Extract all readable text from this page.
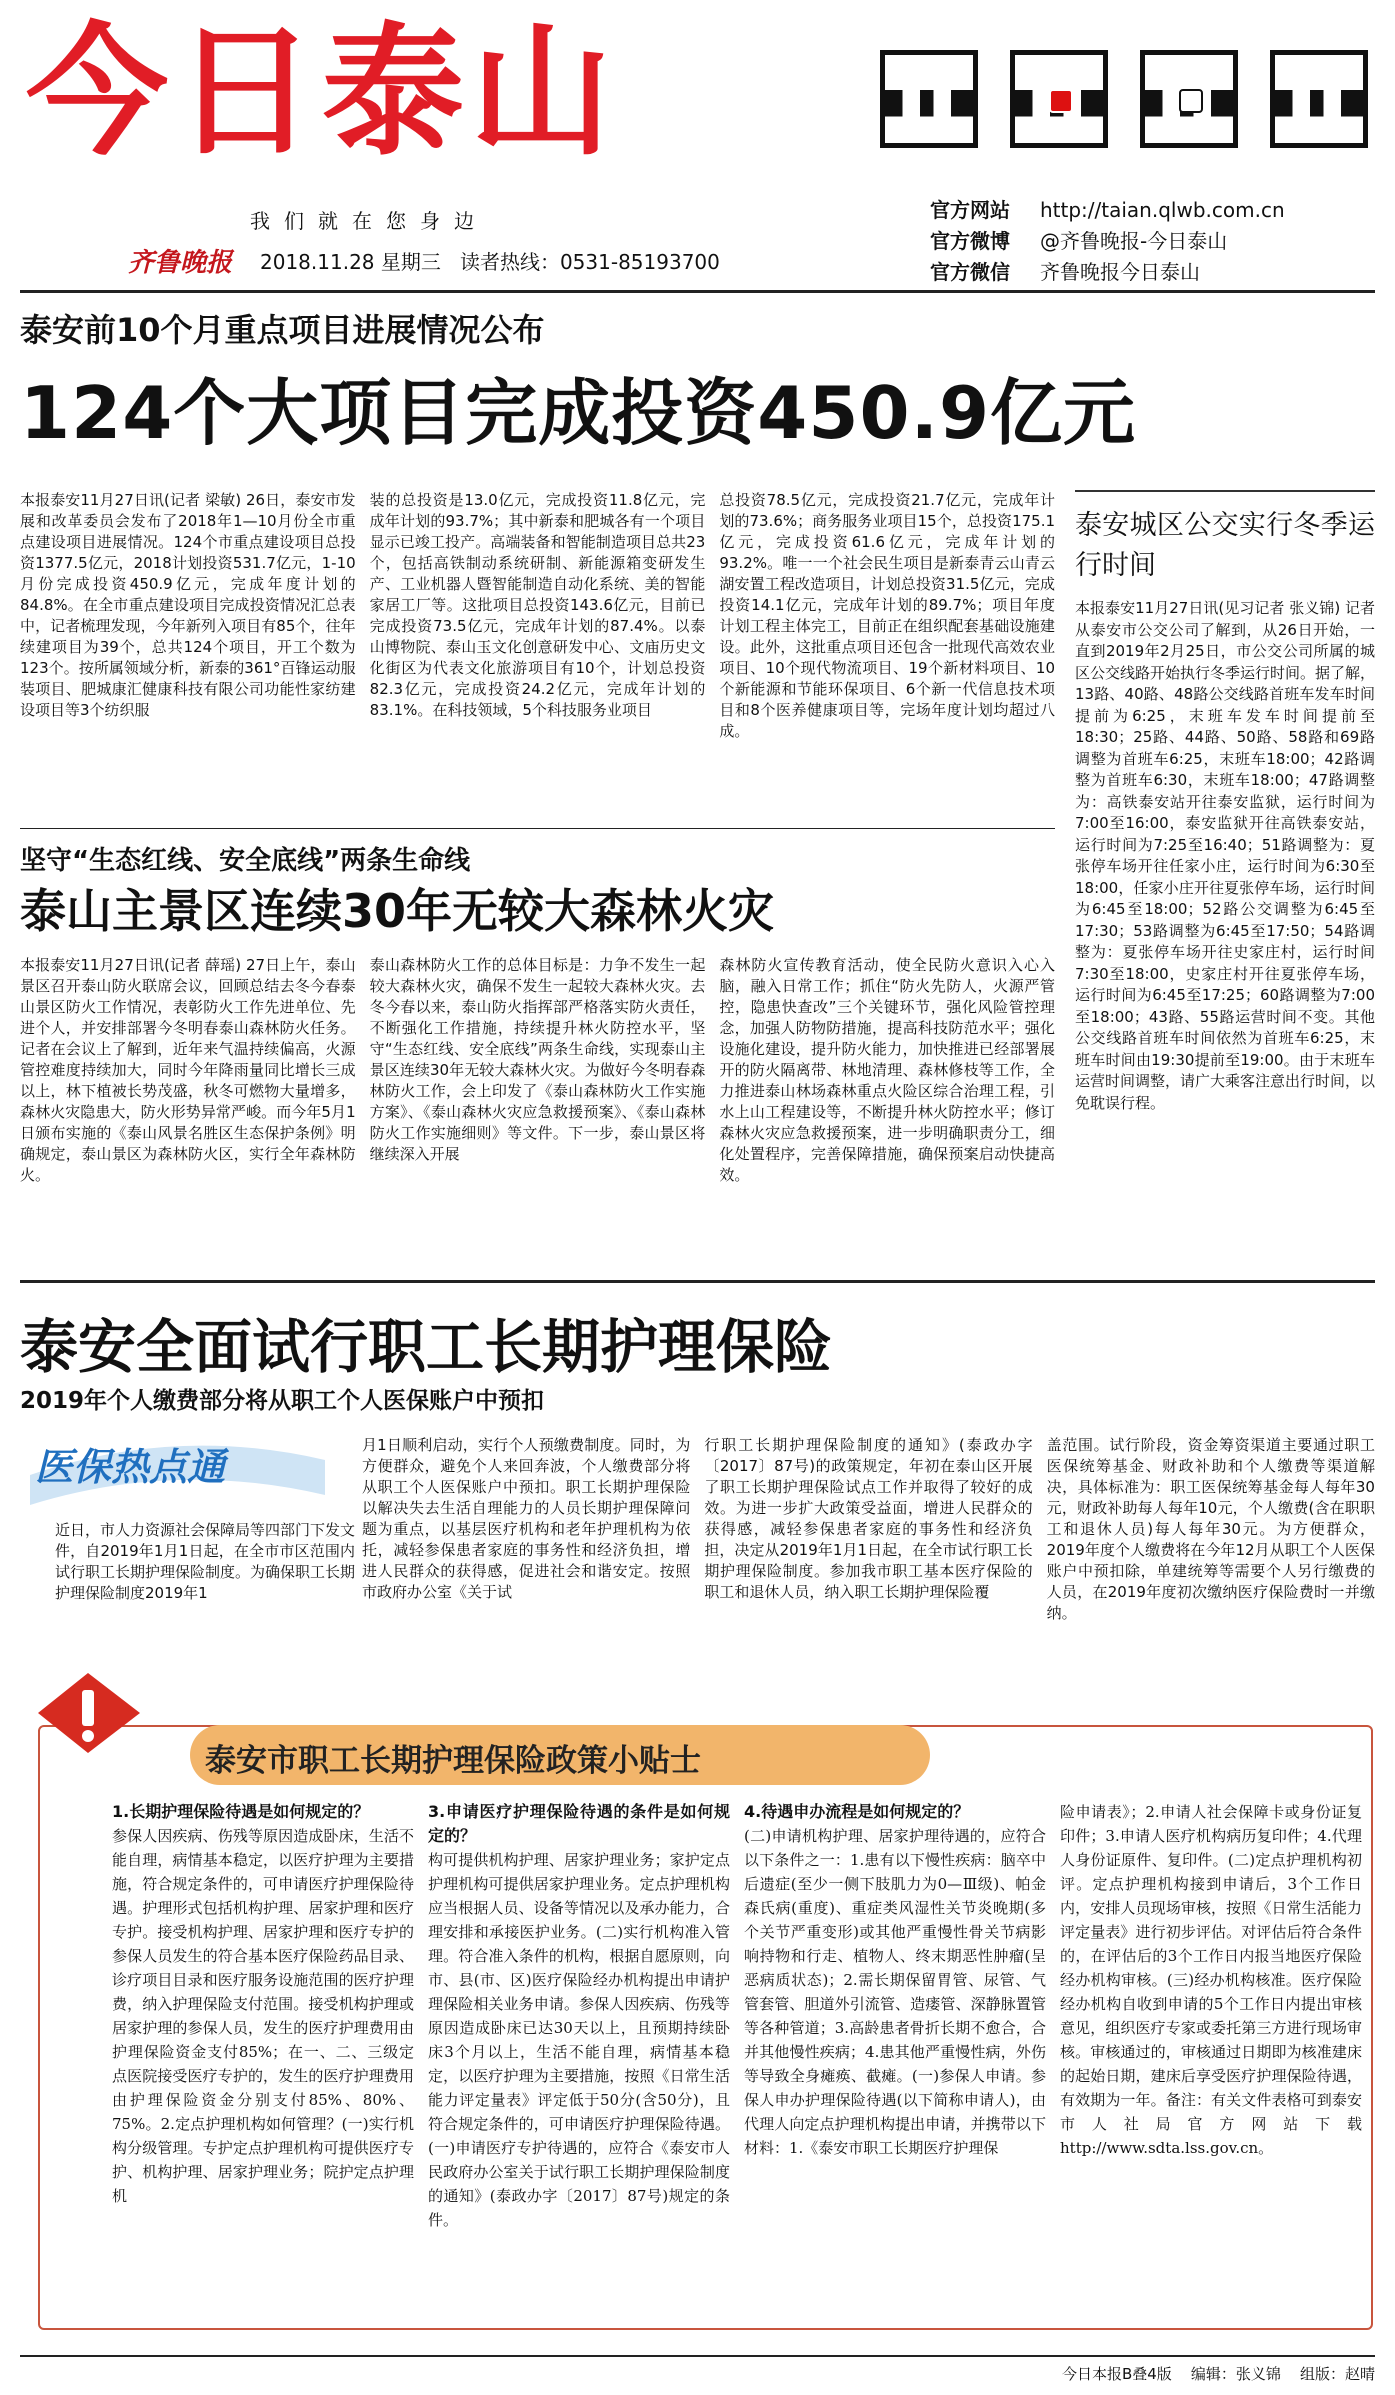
今日泰山
我们就在您身边
齐鲁晚报 2018.11.28 星期三 读者热线：0531-85193700
官方网站 http://taian.qlwb.com.cn
官方微博 @齐鲁晚报-今日泰山
官方微信 齐鲁晚报今日泰山
泰安前10个月重点项目进展情况公布
124个大项目完成投资450.9亿元

本报泰安11月27日讯(记者 梁敏) 26日，泰安市发展和改革委员会发布了2018年1—10月份全市重点建设项目进展情况。124个市重点建设项目总投资1377.5亿元，2018计划投资531.7亿元，1-10月份完成投资450.9亿元，完成年度计划的84.8%。在全市重点建设项目完成投资情况汇总表中，记者梳理发现，今年新列入项目有85个，往年续建项目为39个，总共124个项目，开工个数为123个。按所属领域分析，新泰的361°百锋运动服装项目、肥城康汇健康科技有限公司功能性家纺建设项目等3个纺织服

装的总投资是13.0亿元，完成投资11.8亿元，完成年计划的93.7%；其中新泰和肥城各有一个项目显示已竣工投产。高端装备和智能制造项目总共23个，包括高铁制动系统研制、新能源箱变研发生产、工业机器人暨智能制造自动化系统、美的智能家居工厂等。这批项目总投资143.6亿元，目前已完成投资73.5亿元，完成年计划的87.4%。以泰山博物院、泰山玉文化创意研发中心、文庙历史文化街区为代表文化旅游项目有10个，计划总投资82.3亿元，完成投资24.2亿元，完成年计划的83.1%。在科技领域，5个科技服务业项目

总投资78.5亿元，完成投资21.7亿元，完成年计划的73.6%；商务服务业项目15个，总投资175.1亿元，完成投资61.6亿元，完成年计划的93.2%。唯一一个社会民生项目是新泰青云山青云湖安置工程改造项目，计划总投资31.5亿元，完成投资14.1亿元，完成年计划的89.7%；项目年度计划工程主体完工，目前正在组织配套基础设施建设。此外，这批重点项目还包含一批现代高效农业项目、10个现代物流项目、19个新材料项目、10个新能源和节能环保项目、6个新一代信息技术项目和8个医养健康项目等，完场年度计划均超过八成。

泰安城区公交实行冬季运行时间

本报泰安11月27日讯(见习记者 张义锦) 记者从泰安市公交公司了解到，从26日开始，一直到2019年2月25日，市公交公司所属的城区公交线路开始执行冬季运行时间。据了解，13路、40路、48路公交线路首班车发车时间提前为6:25，末班车发车时间提前至18:30；25路、44路、50路、58路和69路调整为首班车6:25，末班车18:00；42路调整为首班车6:30，末班车18:00；47路调整为：高铁泰安站开往泰安监狱，运行时间为7:00至16:00，泰安监狱开往高铁泰安站，运行时间为7:25至16:40；51路调整为：夏张停车场开往任家小庄，运行时间为6:30至18:00，任家小庄开往夏张停车场，运行时间为6:45至18:00；52路公交调整为6:45至17:30；53路调整为6:45至17:50；54路调整为：夏张停车场开往史家庄村，运行时间7:30至18:00，史家庄村开往夏张停车场，运行时间为6:45至17:25；60路调整为7:00至18:00；43路、55路运营时间不变。其他公交线路首班车时间依然为首班车6:25，末班车时间由19:30提前至19:00。由于末班车运营时间调整，请广大乘客注意出行时间，以免耽误行程。

坚守“生态红线、安全底线”两条生命线
泰山主景区连续30年无较大森林火灾

本报泰安11月27日讯(记者 薛瑶) 27日上午，泰山景区召开泰山防火联席会议，回顾总结去冬今春泰山景区防火工作情况，表彰防火工作先进单位、先进个人，并安排部署今冬明春泰山森林防火任务。记者在会议上了解到，近年来气温持续偏高，火源管控难度持续加大，同时今年降雨量同比增长三成以上，林下植被长势茂盛，秋冬可燃物大量增多，森林火灾隐患大，防火形势异常严峻。而今年5月1日颁布实施的《泰山风景名胜区生态保护条例》明确规定，泰山景区为森林防火区，实行全年森林防火。

泰山森林防火工作的总体目标是：力争不发生一起较大森林火灾，确保不发生一起较大森林火灾。去冬今春以来，泰山防火指挥部严格落实防火责任，不断强化工作措施，持续提升林火防控水平，坚守“生态红线、安全底线”两条生命线，实现泰山主景区连续30年无较大森林火灾。为做好今冬明春森林防火工作，会上印发了《泰山森林防火工作实施方案》、《泰山森林火灾应急救援预案》、《泰山森林防火工作实施细则》等文件。下一步，泰山景区将继续深入开展

森林防火宣传教育活动，使全民防火意识入心入脑，融入日常工作；抓住“防火先防人，火源严管控，隐患快查改”三个关键环节，强化风险管控理念，加强人防物防措施，提高科技防范水平；强化设施化建设，提升防火能力，加快推进已经部署展开的防火隔离带、林地清理、森林修枝等工作，全力推进泰山林场森林重点火险区综合治理工程，引水上山工程建设等，不断提升林火防控水平；修订森林火灾应急救援预案，进一步明确职责分工，细化处置程序，完善保障措施，确保预案启动快捷高效。

泰安全面试行职工长期护理保险
2019年个人缴费部分将从职工个人医保账户中预扣
医保热点通

近日，市人力资源社会保障局等四部门下发文件，自2019年1月1日起，在全市市区范围内试行职工长期护理保险制度。为确保职工长期护理保险制度2019年1

月1日顺利启动，实行个人预缴费制度。同时，为方便群众，避免个人来回奔波，个人缴费部分将从职工个人医保账户中预扣。职工长期护理保险以解决失去生活自理能力的人员长期护理保障问题为重点，以基层医疗机构和老年护理机构为依托，减轻参保患者家庭的事务性和经济负担，增进人民群众的获得感，促进社会和谐安定。按照市政府办公室《关于试

行职工长期护理保险制度的通知》(泰政办字〔2017〕87号)的政策规定，年初在泰山区开展了职工长期护理保险试点工作并取得了较好的成效。为进一步扩大政策受益面，增进人民群众的获得感，减轻参保患者家庭的事务性和经济负担，决定从2019年1月1日起，在全市试行职工长期护理保险制度。参加我市职工基本医疗保险的职工和退休人员，纳入职工长期护理保险覆

盖范围。试行阶段，资金筹资渠道主要通过职工医保统筹基金、财政补助和个人缴费等渠道解决，具体标准为：职工医保统筹基金每人每年30元，财政补助每人每年10元，个人缴费(含在职职工和退休人员)每人每年30元。为方便群众，2019年度个人缴费将在今年12月从职工个人医保账户中预扣除，单建统筹等需要个人另行缴费的人员，在2019年度初次缴纳医疗保险费时一并缴纳。

泰安市职工长期护理保险政策小贴士
1.长期护理保险待遇是如何规定的？

参保人因疾病、伤残等原因造成卧床，生活不能自理，病情基本稳定，以医疗护理为主要措施，符合规定条件的，可申请医疗护理保险待遇。护理形式包括机构护理、居家护理和医疗专护。接受机构护理、居家护理和医疗专护的参保人员发生的符合基本医疗保险药品目录、诊疗项目目录和医疗服务设施范围的医疗护理费，纳入护理保险支付范围。接受机构护理或居家护理的参保人员，发生的医疗护理费用由护理保险资金支付85%；在一、二、三级定点医院接受医疗专护的，发生的医疗护理费用由护理保险资金分别支付85%、80%、75%。2.定点护理机构如何管理？(一)实行机构分级管理。专护定点护理机构可提供医疗专护、机构护理、居家护理业务；院护定点护理机

3.申请医疗护理保险待遇的条件是如何规定的？

构可提供机构护理、居家护理业务；家护定点护理机构可提供居家护理业务。定点护理机构应当根据人员、设备等情况以及承办能力，合理安排和承接医护业务。(二)实行机构准入管理。符合准入条件的机构，根据自愿原则，向市、县(市、区)医疗保险经办机构提出申请护理保险相关业务申请。参保人因疾病、伤残等原因造成卧床已达30天以上，且预期持续卧床3个月以上，生活不能自理，病情基本稳定，以医疗护理为主要措施，按照《日常生活能力评定量表》评定低于50分(含50分)，且符合规定条件的，可申请医疗护理保险待遇。(一)申请医疗专护待遇的，应符合《泰安市人民政府办公室关于试行职工长期护理保险制度的通知》(泰政办字〔2017〕87号)规定的条件。

4.待遇申办流程是如何规定的？

(二)申请机构护理、居家护理待遇的，应符合以下条件之一：1.患有以下慢性疾病：脑卒中后遗症(至少一侧下肢肌力为0—Ⅲ级)、帕金森氏病(重度)、重症类风湿性关节炎晚期(多个关节严重变形)或其他严重慢性骨关节病影响持物和行走、植物人、终末期恶性肿瘤(呈恶病质状态)；2.需长期保留胃管、尿管、气管套管、胆道外引流管、造瘘管、深静脉置管等各种管道；3.高龄患者骨折长期不愈合，合并其他慢性疾病；4.患其他严重慢性病，外伤等导致全身瘫痪、截瘫。(一)参保人申请。参保人申办护理保险待遇(以下简称申请人)，由代理人向定点护理机构提出申请，并携带以下材料：1.《泰安市职工长期医疗护理保

险申请表》；2.申请人社会保障卡或身份证复印件；3.申请人医疗机构病历复印件；4.代理人身份证原件、复印件。(二)定点护理机构初评。定点护理机构接到申请后，3个工作日内，安排人员现场审核，按照《日常生活能力评定量表》进行初步评估。对评估后符合条件的，在评估后的3个工作日内报当地医疗保险经办机构审核。(三)经办机构核准。医疗保险经办机构自收到申请的5个工作日内提出审核意见，组织医疗专家或委托第三方进行现场审核。审核通过的，审核通过日期即为核准建床的起始日期，建床后享受医疗护理保险待遇，有效期为一年。备注：有关文件表格可到泰安市人社局官方网站下载http://www.sdta.lss.gov.cn。

今日本报B叠4版 编辑：张义锦 组版：赵晴
